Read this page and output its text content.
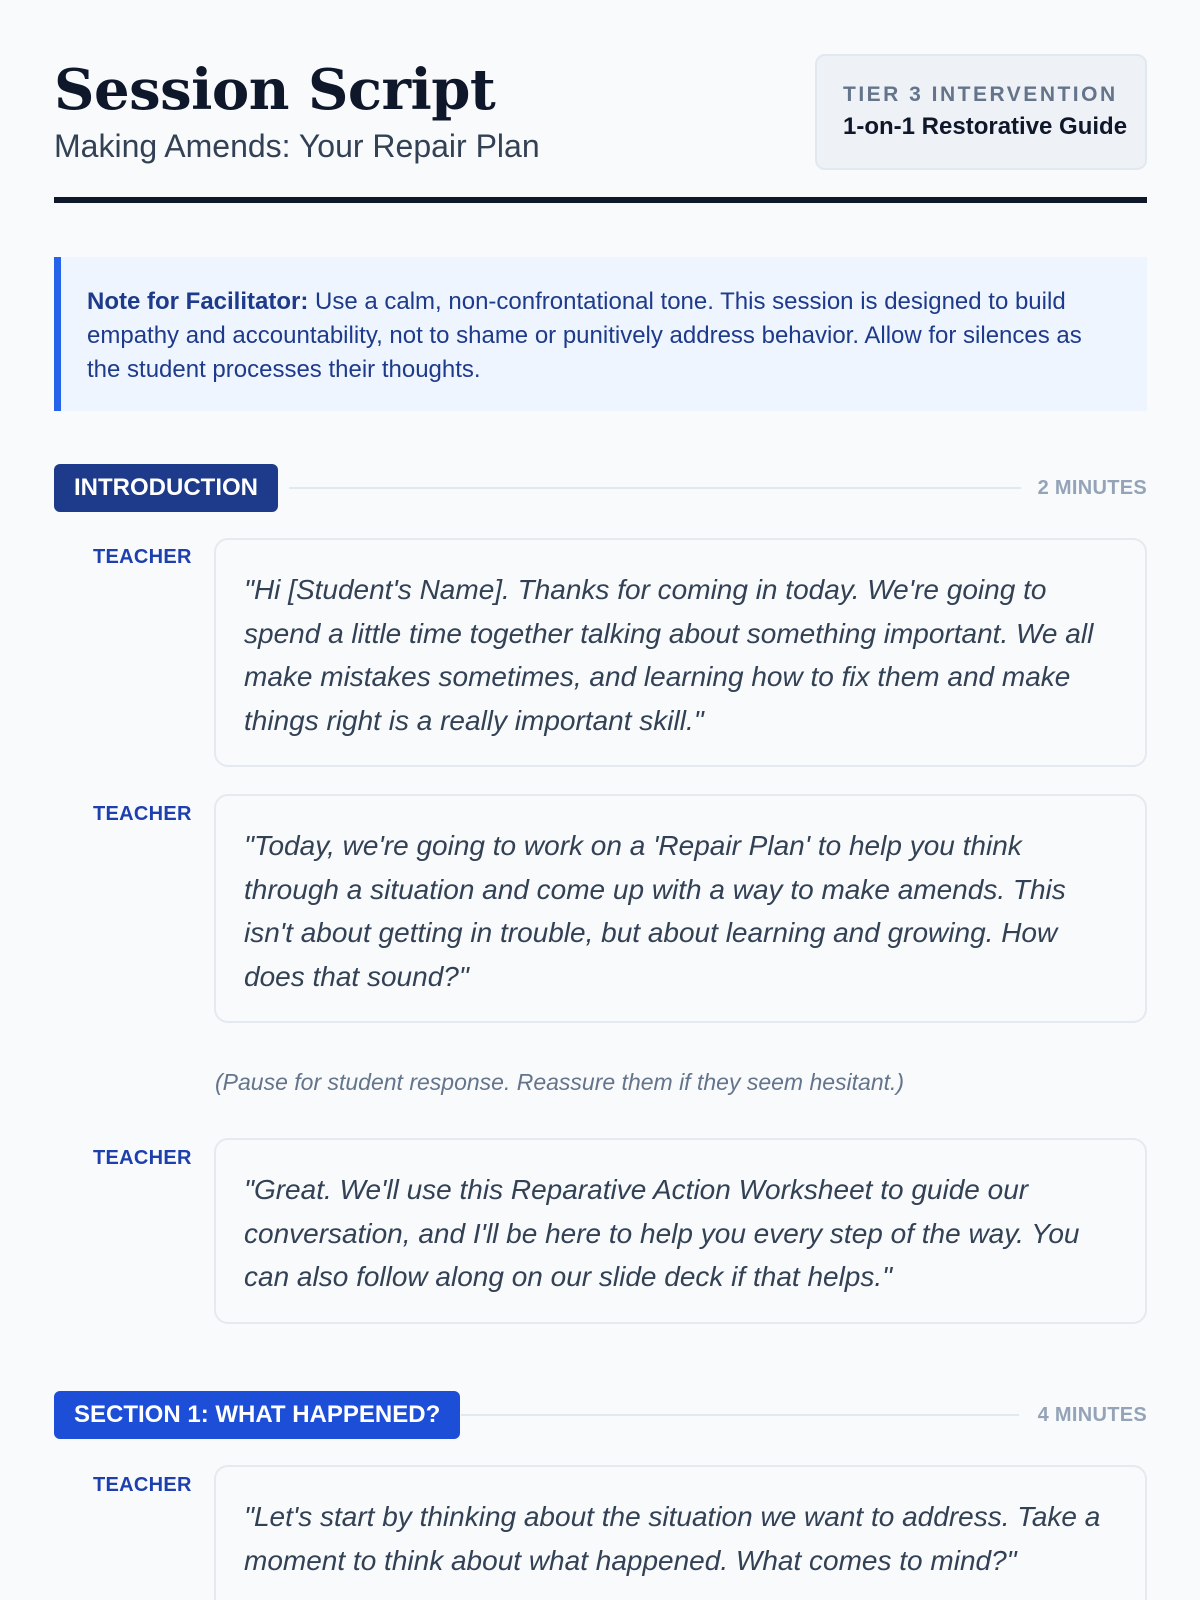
Session Script
Making Amends: Your Repair Plan
TIER 3 INTERVENTION
1-on-1 Restorative Guide
Note for Facilitator: Use a calm, non-confrontational tone. This session is designed to build empathy and accountability, not to shame or punitively address behavior. Allow for silences as the student processes their thoughts.
INTRODUCTION	2 MINUTES
TEACHER
"Hi [Student's Name]. Thanks for coming in today. We're going to spend a little time together talking about something important. We all make mistakes sometimes, and learning how to fix them and make things right is a really important skill."
TEACHER
"Today, we're going to work on a 'Repair Plan' to help you think through a situation and come up with a way to make amends. This isn't about getting in trouble, but about learning and growing. How does that sound?"
(Pause for student response. Reassure them if they seem hesitant.)
TEACHER
"Great. We'll use this Reparative Action Worksheet to guide our conversation, and I'll be here to help you every step of the way. You can also follow along on our slide deck if that helps."
SECTION 1: WHAT HAPPENED?	4 MINUTES
TEACHER
"Let's start by thinking about the situation we want to address. Take a moment to think about what happened. What comes to mind?"
